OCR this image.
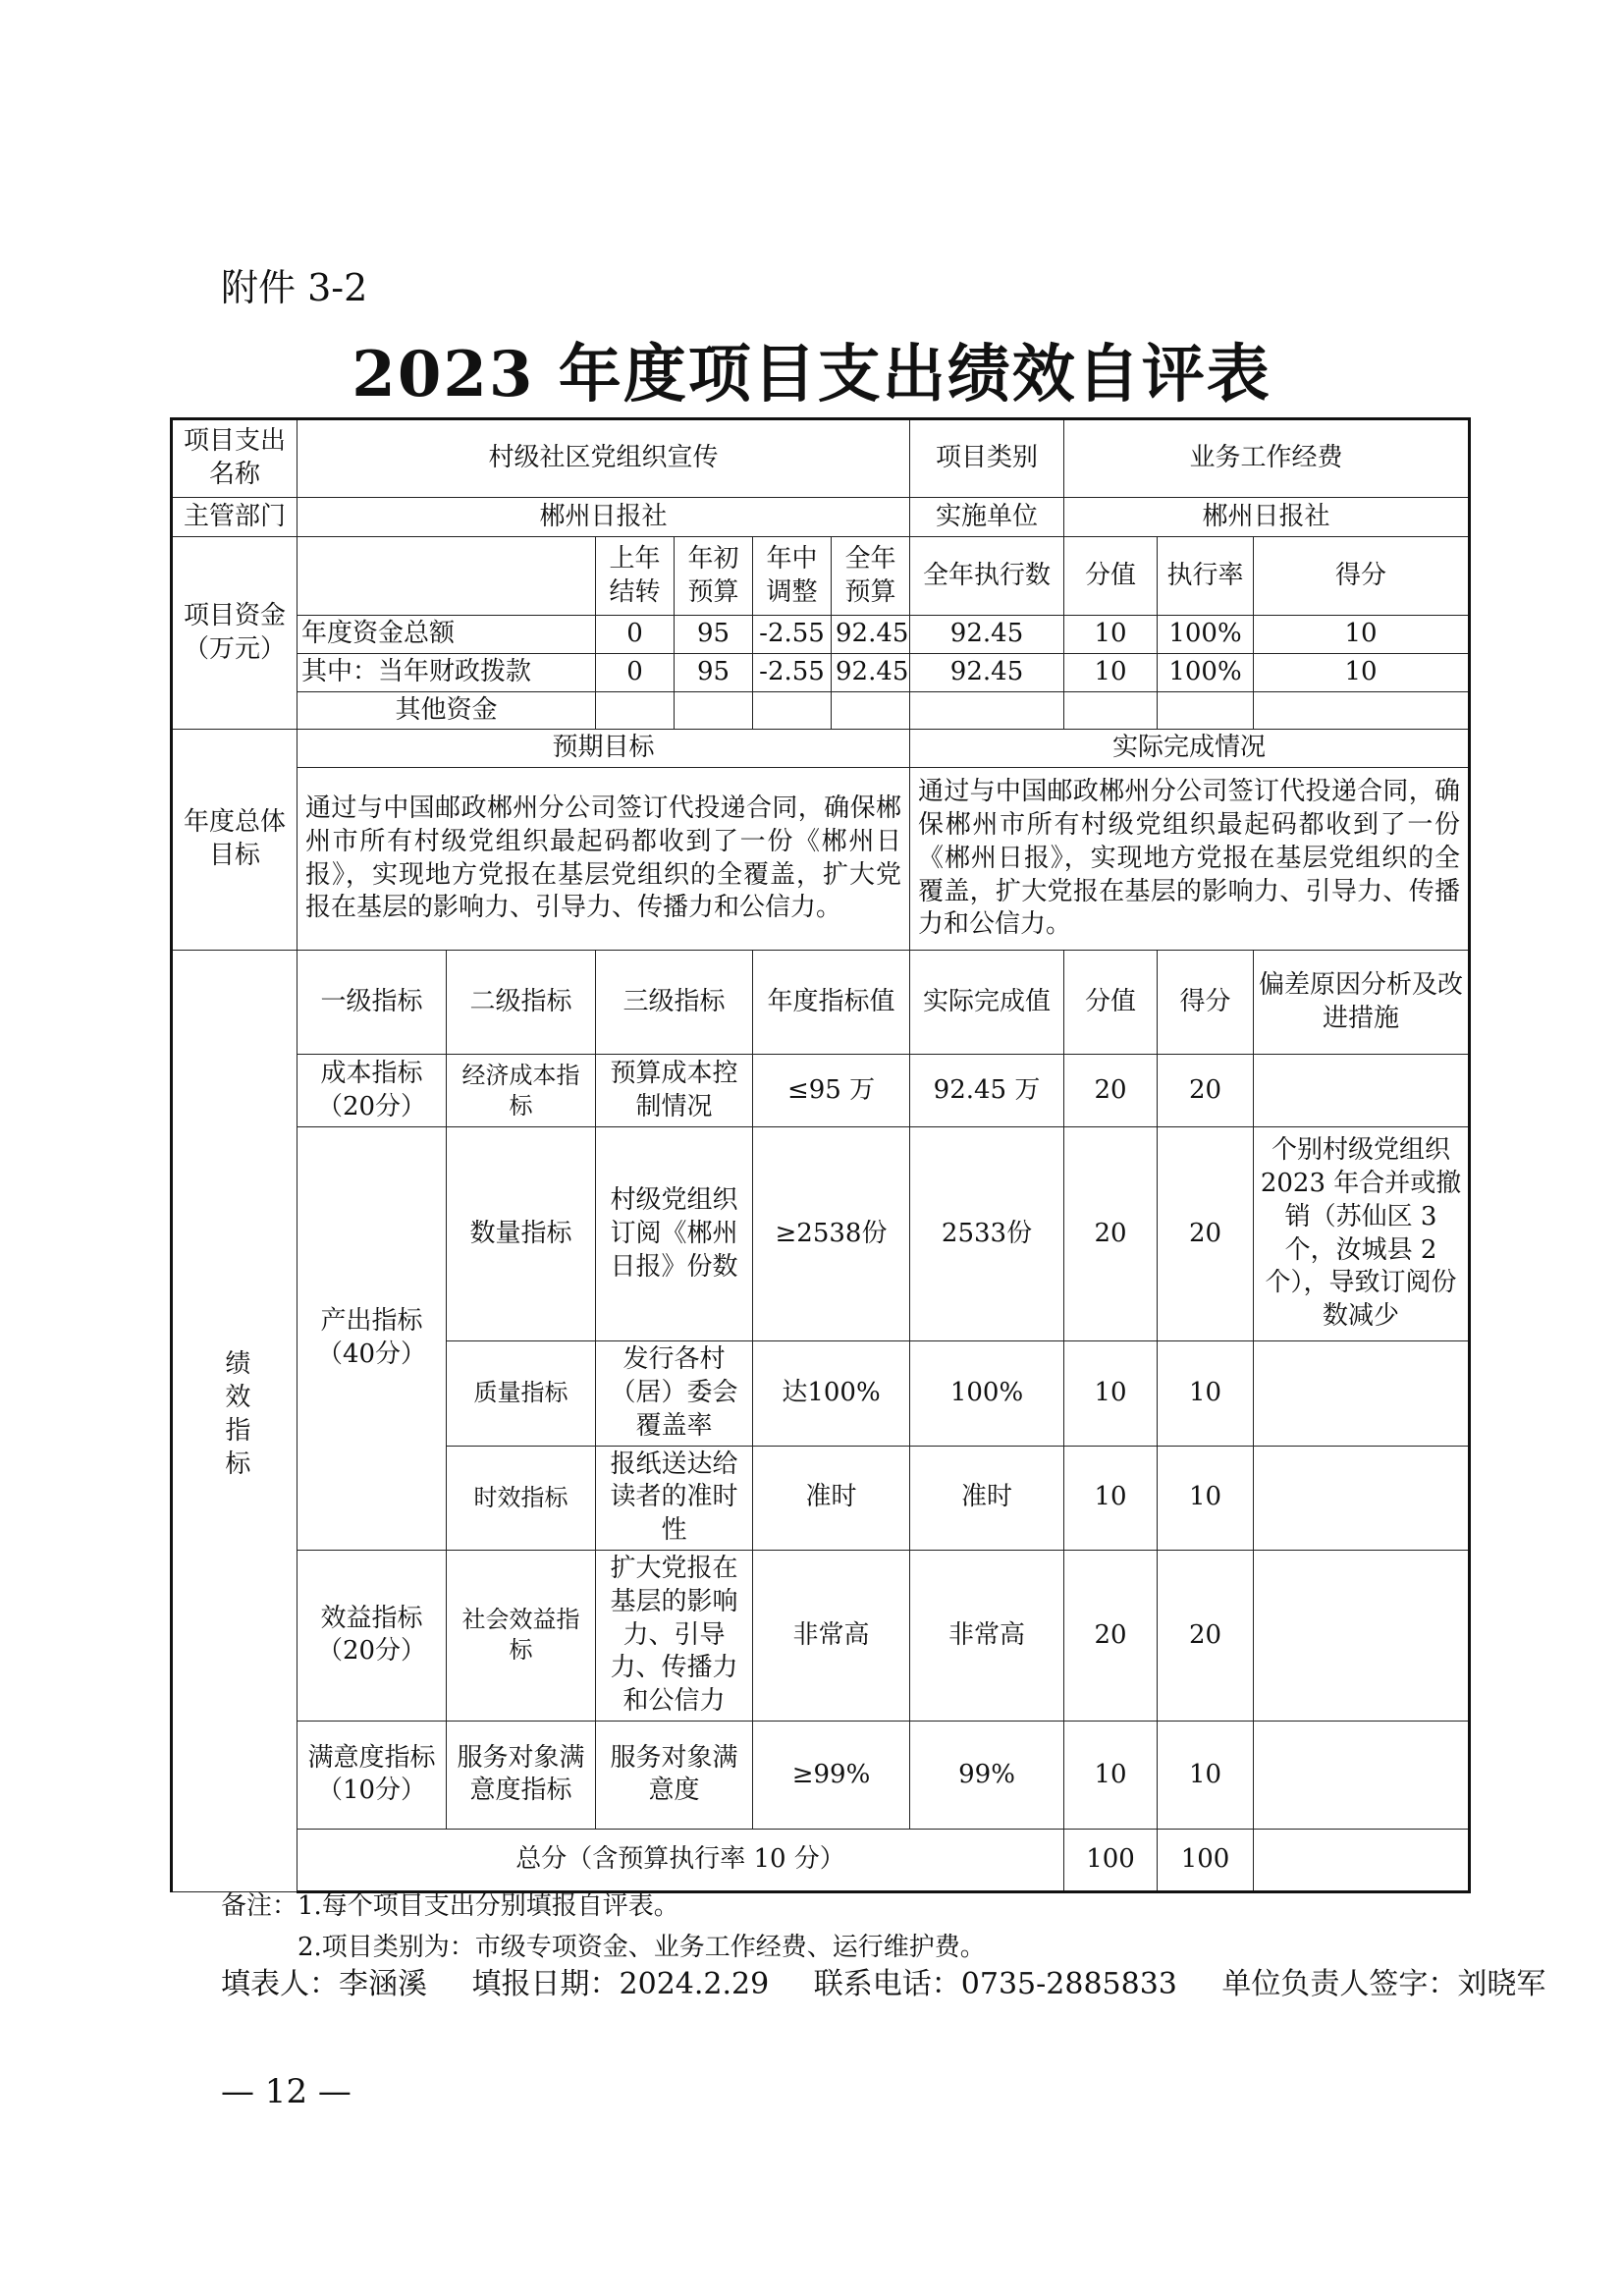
附件 3-2
2023 年度项目支出绩效自评表
项目支出名称	村级社区党组织宣传						项目类别	业务工作经费		
主管部门	郴州日报社						实施单位	郴州日报社		
项目资金（万元）			上年结转	年初预算	年中调整	全年预算	全年执行数	分值	执行率	得分
	年度资金总额		0	95	-2.55	92.45	92.45	10	100%	10
	其中：当年财政拨款		0	95	-2.55	92.45	92.45	10	100%	10
	其他资金									
年度总体目标	预期目标						实际完成情况			
	通过与中国邮政郴州分公司签订代投递合同，确保郴州市所有村级党组织最起码都收到了一份《郴州日报》，实现地方党报在基层党组织的全覆盖，扩大党报在基层的影响力、引导力、传播力和公信力。						通过与中国邮政郴州分公司签订代投递合同，确保郴州市所有村级党组织最起码都收到了一份《郴州日报》，实现地方党报在基层党组织的全覆盖，扩大党报在基层的影响力、引导力、传播力和公信力。			
绩效指标	一级指标	二级指标	三级指标		年度指标值		实际完成值	分值	得分	偏差原因分析及改进措施
	成本指标（20分）	经济成本指标	预算成本控制情况		≤95 万		92.45 万	20	20	
	产出指标（40分）	数量指标	村级党组织订阅《郴州日报》份数		≥2538份		2533份	20	20	个别村级党组织2023 年合并或撤销（苏仙区 3 个，汝城县 2 个），导致订阅份数减少
		质量指标	发行各村（居）委会覆盖率		达100%		100%	10	10	
		时效指标	报纸送达给读者的准时性		准时		准时	10	10	
	效益指标（20分）	社会效益指标	扩大党报在基层的影响力、引导力、传播力和公信力		非常高		非常高	20	20	
	满意度指标（10分）	服务对象满意度指标	服务对象满意度		≥99%		99%	10	10	
	总分（含预算执行率 10 分）							100	100	
备注：1.每个项目支出分别填报自评表。
2.项目类别为：市级专项资金、业务工作经费、运行维护费。
填表人：李涵溪 填报日期：2024.2.29 联系电话：0735-2885833 单位负责人签字：刘晓军
— 12 —
